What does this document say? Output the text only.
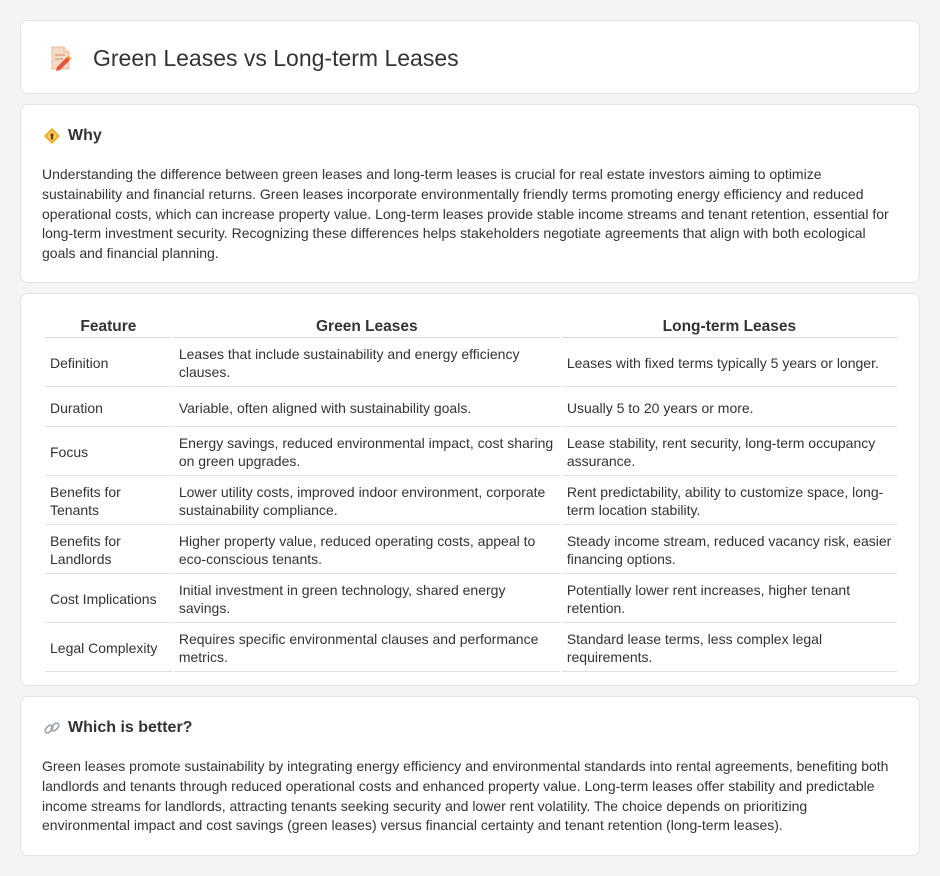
Green Leases vs Long-term Leases
Why

Understanding the difference between green leases and long-term leases is crucial for real estate investors aiming to optimize sustainability and financial returns. Green leases incorporate environmentally friendly terms promoting energy efficiency and reduced operational costs, which can increase property value. Long-term leases provide stable income streams and tenant retention, essential for long-term investment security. Recognizing these differences helps stakeholders negotiate agreements that align with both ecological goals and financial planning.

Feature	Green Leases	Long-term Leases
Definition	Leases that include sustainability and energy efficiency clauses.	Leases with fixed terms typically 5 years or longer.
Duration	Variable, often aligned with sustainability goals.	Usually 5 to 20 years or more.
Focus	Energy savings, reduced environmental impact, cost sharing on green upgrades.	Lease stability, rent security, long-term occupancy assurance.
Benefits for Tenants	Lower utility costs, improved indoor environment, corporate sustainability compliance.	Rent predictability, ability to customize space, long-term location stability.
Benefits for Landlords	Higher property value, reduced operating costs, appeal to eco-conscious tenants.	Steady income stream, reduced vacancy risk, easier financing options.
Cost Implications	Initial investment in green technology, shared energy savings.	Potentially lower rent increases, higher tenant retention.
Legal Complexity	Requires specific environmental clauses and performance metrics.	Standard lease terms, less complex legal requirements.
Which is better?

Green leases promote sustainability by integrating energy efficiency and environmental standards into rental agreements, benefiting both landlords and tenants through reduced operational costs and enhanced property value. Long-term leases offer stability and predictable income streams for landlords, attracting tenants seeking security and lower rent volatility. The choice depends on prioritizing environmental impact and cost savings (green leases) versus financial certainty and tenant retention (long-term leases).
